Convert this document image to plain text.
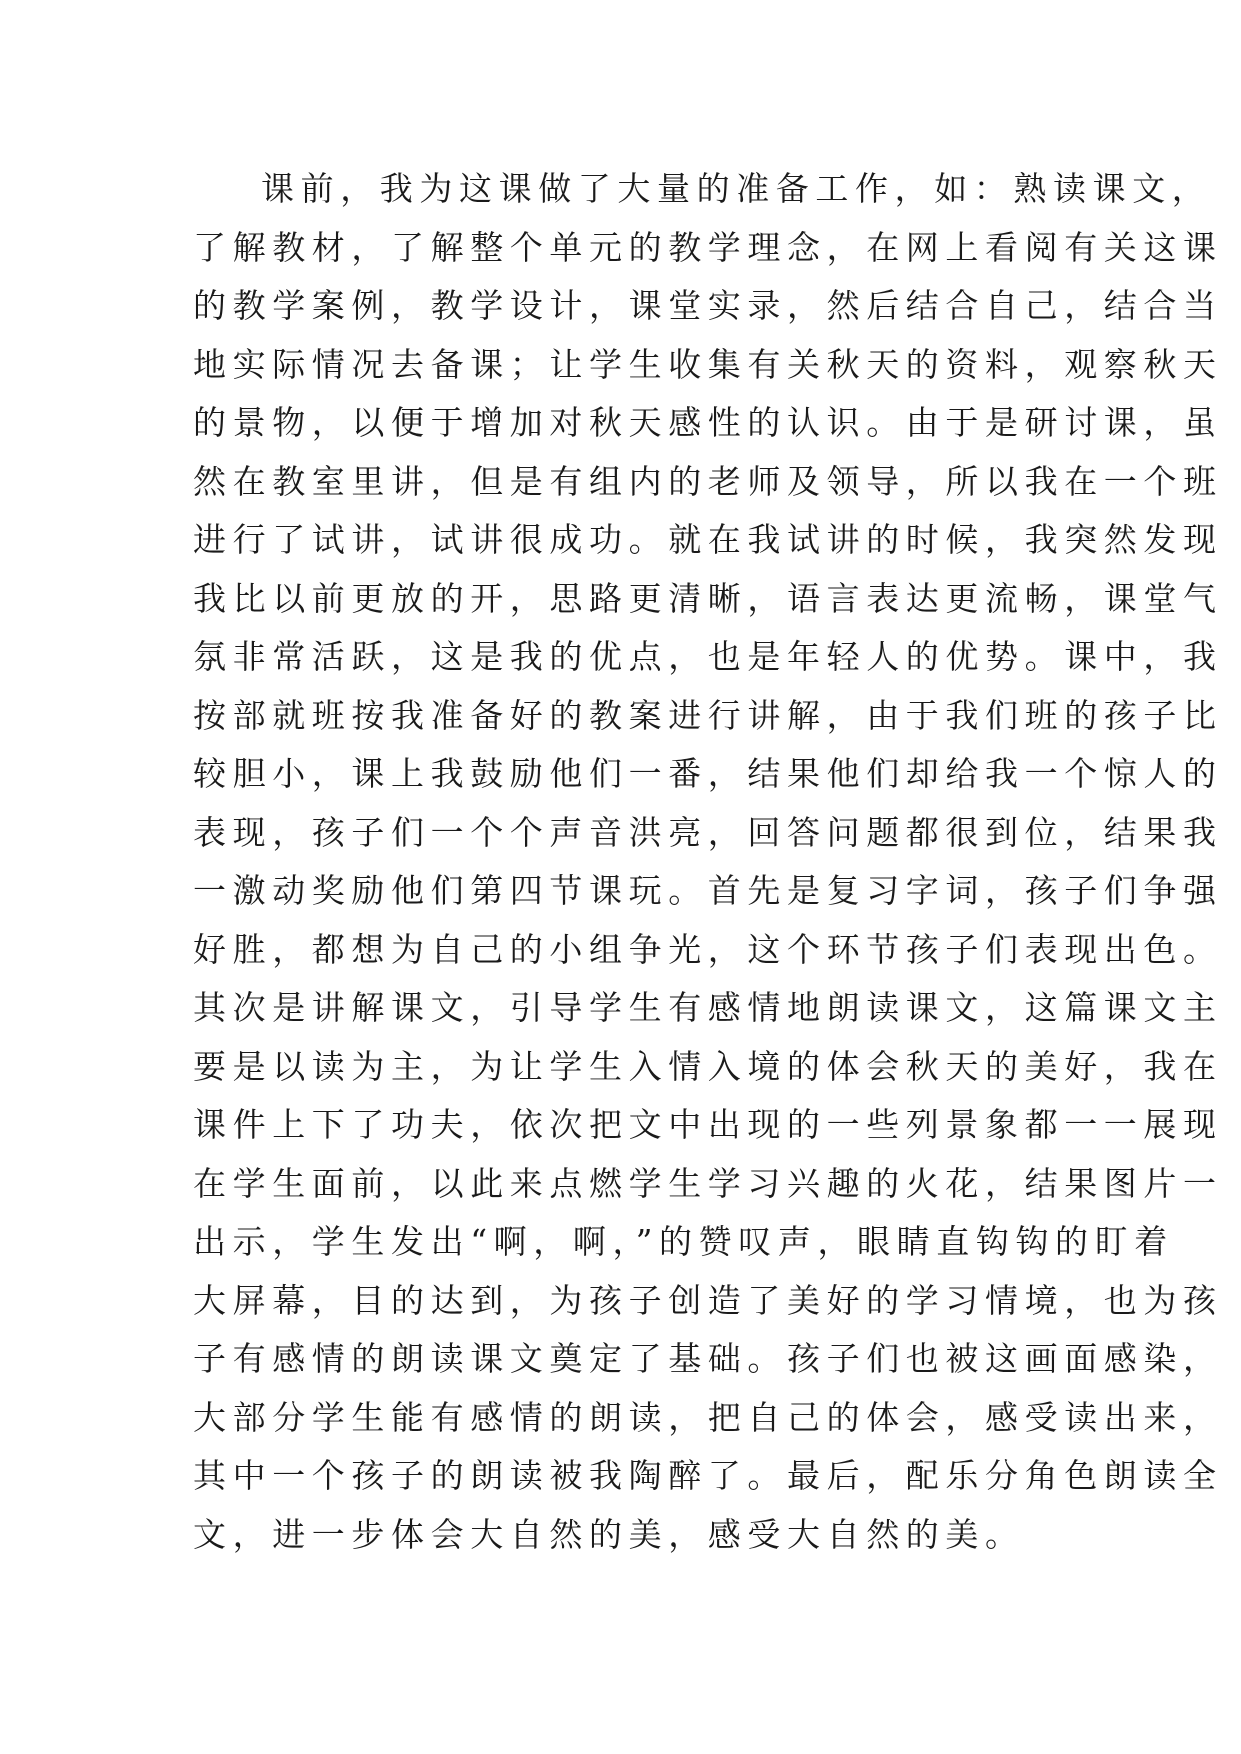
课前，我为这课做了大量的准备工作，如：熟读课文，
了解教材，了解整个单元的教学理念，在网上看阅有关这课
的教学案例，教学设计，课堂实录，然后结合自己，结合当
地实际情况去备课；让学生收集有关秋天的资料，观察秋天
的景物，以便于增加对秋天感性的认识。由于是研讨课，虽
然在教室里讲，但是有组内的老师及领导，所以我在一个班
进行了试讲，试讲很成功。就在我试讲的时候，我突然发现
我比以前更放的开，思路更清晰，语言表达更流畅，课堂气
氛非常活跃，这是我的优点，也是年轻人的优势。课中，我
按部就班按我准备好的教案进行讲解，由于我们班的孩子比
较胆小，课上我鼓励他们一番，结果他们却给我一个惊人的
表现，孩子们一个个声音洪亮，回答问题都很到位，结果我
一激动奖励他们第四节课玩。首先是复习字词，孩子们争强
好胜，都想为自己的小组争光，这个环节孩子们表现出色。
其次是讲解课文，引导学生有感情地朗读课文，这篇课文主
要是以读为主，为让学生入情入境的体会秋天的美好，我在
课件上下了功夫，依次把文中出现的一些列景象都一一展现
在学生面前，以此来点燃学生学习兴趣的火花，结果图片一
出示，学生发出“啊，啊，”的赞叹声，眼睛直钩钩的盯着
大屏幕，目的达到，为孩子创造了美好的学习情境，也为孩
子有感情的朗读课文奠定了基础。孩子们也被这画面感染，
大部分学生能有感情的朗读，把自己的体会，感受读出来，
其中一个孩子的朗读被我陶醉了。最后，配乐分角色朗读全
文，进一步体会大自然的美，感受大自然的美。
